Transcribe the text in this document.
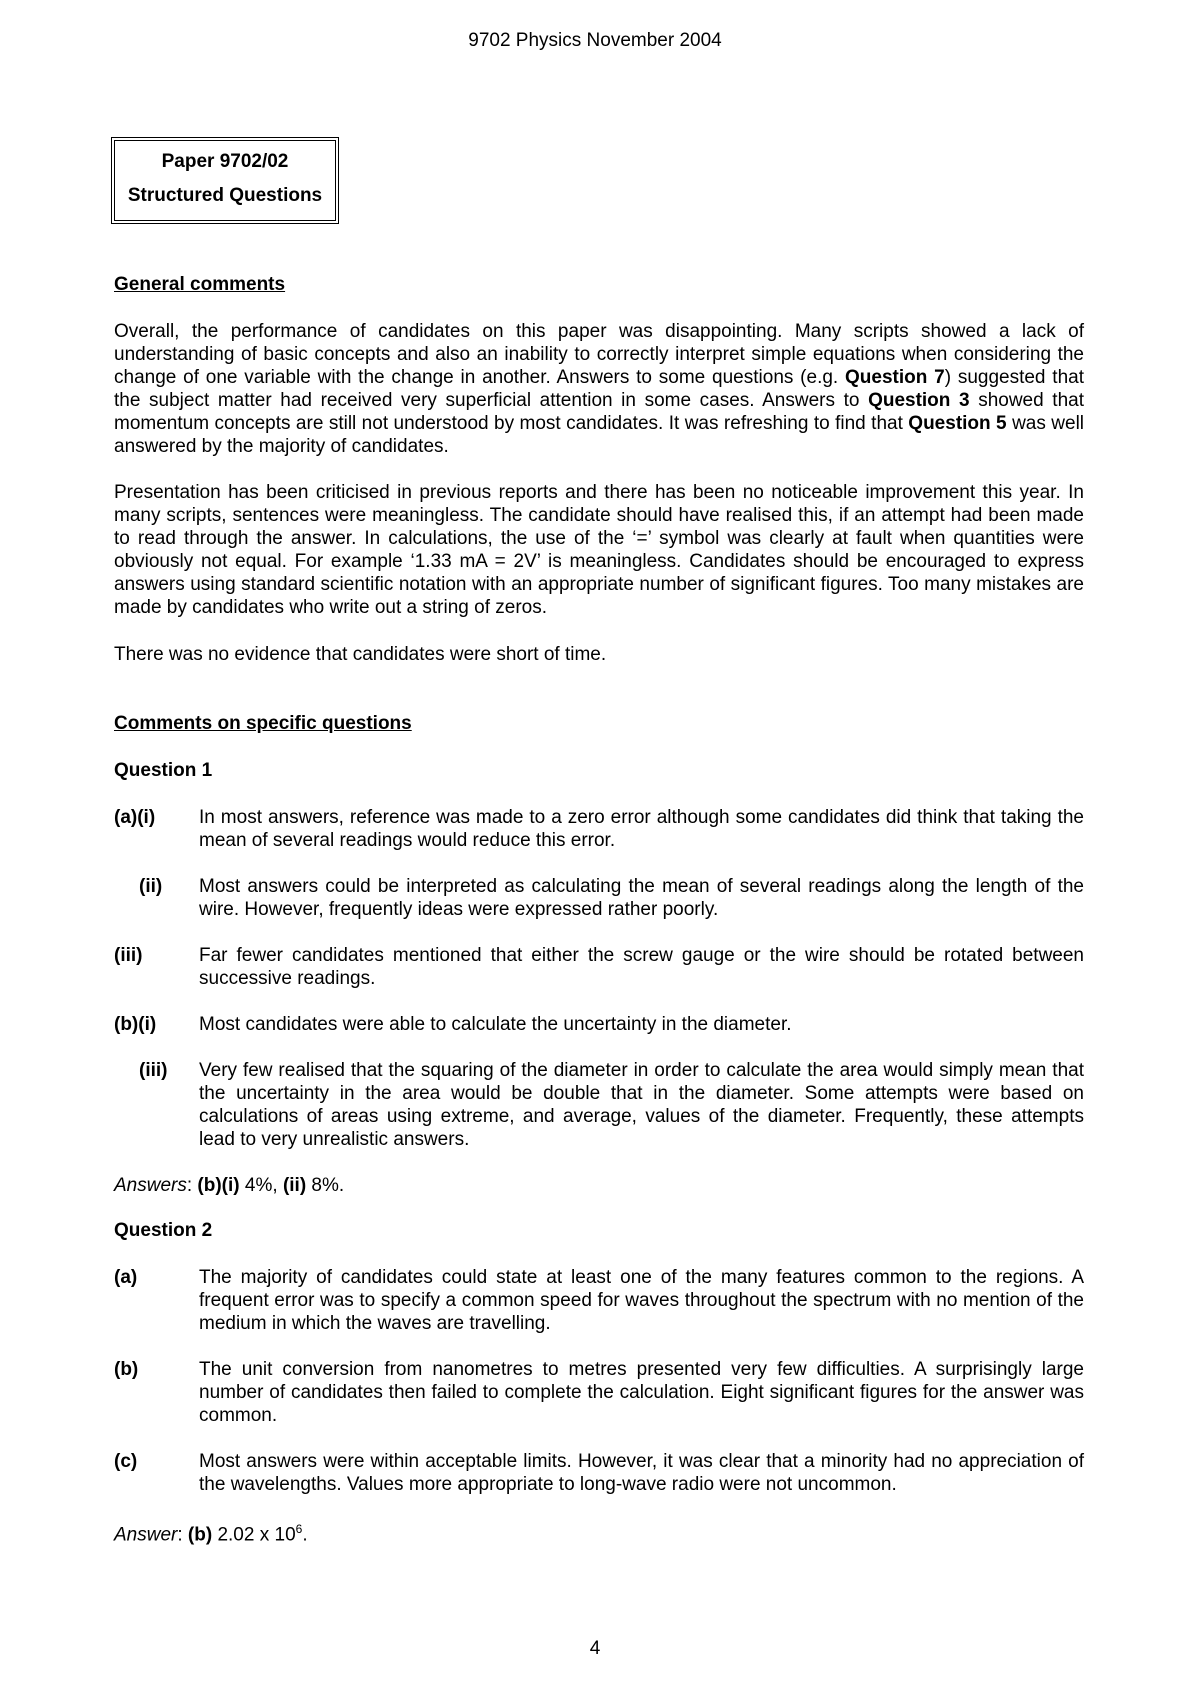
9702 Physics November 2004
Paper 9702/02
Structured Questions
General comments
Overall, the performance of candidates on this paper was disappointing. Many scripts showed a lack of understanding of basic concepts and also an inability to correctly interpret simple equations when considering the change of one variable with the change in another. Answers to some questions (e.g. Question 7) suggested that the subject matter had received very superficial attention in some cases. Answers to Question 3 showed that momentum concepts are still not understood by most candidates. It was refreshing to find that Question 5 was well answered by the majority of candidates.
Presentation has been criticised in previous reports and there has been no noticeable improvement this year. In many scripts, sentences were meaningless. The candidate should have realised this, if an attempt had been made to read through the answer. In calculations, the use of the ‘=’ symbol was clearly at fault when quantities were obviously not equal. For example ‘1.33 mA = 2V’ is meaningless. Candidates should be encouraged to express answers using standard scientific notation with an appropriate number of significant figures. Too many mistakes are made by candidates who write out a string of zeros.
There was no evidence that candidates were short of time.
Comments on specific questions
Question 1
(a)(i) In most answers, reference was made to a zero error although some candidates did think that taking the mean of several readings would reduce this error.
(ii) Most answers could be interpreted as calculating the mean of several readings along the length of the wire. However, frequently ideas were expressed rather poorly.
(iii)	Far fewer candidates mentioned that either the screw gauge or the wire should be rotated between successive readings.
(b)(i) Most candidates were able to calculate the uncertainty in the diameter.
(iii) Very few realised that the squaring of the diameter in order to calculate the area would simply mean that the uncertainty in the area would be double that in the diameter. Some attempts were based on calculations of areas using extreme, and average, values of the diameter. Frequently, these attempts lead to very unrealistic answers.
Answers: (b)(i) 4%, (ii) 8%.
Question 2
(a)	The majority of candidates could state at least one of the many features common to the regions. A frequent error was to specify a common speed for waves throughout the spectrum with no mention of the medium in which the waves are travelling.
(b)	The unit conversion from nanometres to metres presented very few difficulties. A surprisingly large number of candidates then failed to complete the calculation. Eight significant figures for the answer was common.
(c)	Most answers were within acceptable limits. However, it was clear that a minority had no appreciation of the wavelengths. Values more appropriate to long-wave radio were not uncommon.
Answer: (b) 2.02 x $10^6$.
4
